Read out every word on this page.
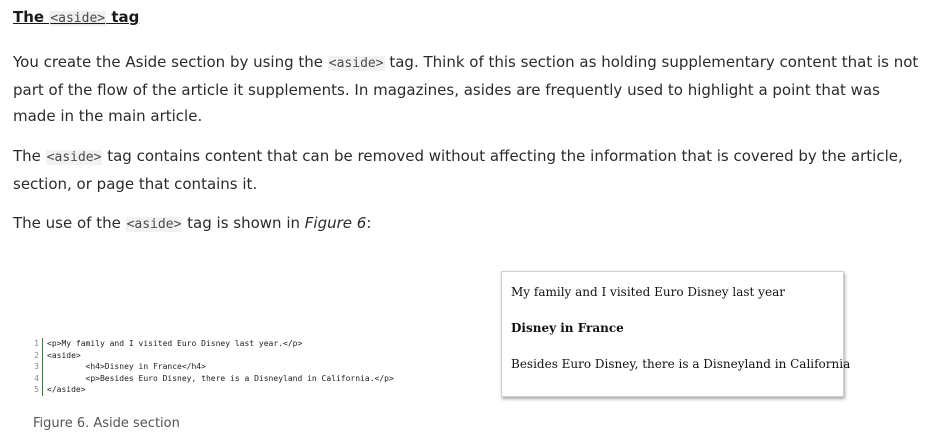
The <aside> tag

You create the Aside section by using the <aside> tag. Think of this section as holding supplementary content that is not part of the flow of the article it supplements. In magazines, asides are frequently used to highlight a point that was made in the main article.

The <aside> tag contains content that can be removed without affecting the information that is covered by the article, section, or page that contains it.

The use of the <aside> tag is shown in Figure 6:

1	<p>My family and I visited Euro Disney last year.</p>
2	<aside>
3	<h4>Disney in France</h4>
4	<p>Besides Euro Disney, there is a Disneyland in California.</p>
5	</aside>
My family and I visited Euro Disney last year
Disney in France
Besides Euro Disney, there is a Disneyland in California
Figure 6. Aside section
